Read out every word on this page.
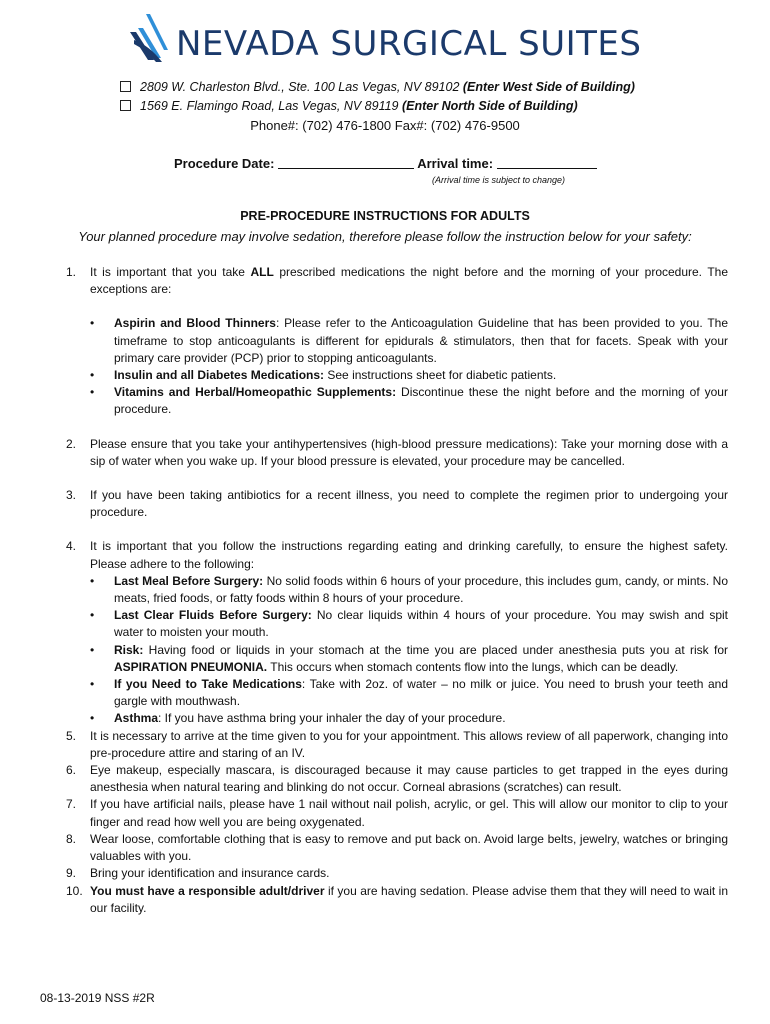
NEVADA SURGICAL SUITES
2809 W. Charleston Blvd., Ste. 100 Las Vegas, NV 89102 (Enter West Side of Building)
1569 E. Flamingo Road, Las Vegas, NV 89119 (Enter North Side of Building)
Phone#: (702) 476-1800 Fax#: (702) 476-9500
Procedure Date:	Arrival time:
(Arrival time is subject to change)
PRE-PROCEDURE INSTRUCTIONS FOR ADULTS
Your planned procedure may involve sedation, therefore please follow the instruction below for your safety:
1. It is important that you take ALL prescribed medications the night before and the morning of your procedure. The exceptions are:
• Aspirin and Blood Thinners: Please refer to the Anticoagulation Guideline that has been provided to you. The timeframe to stop anticoagulants is different for epidurals & stimulators, then that for facets. Speak with your primary care provider (PCP) prior to stopping anticoagulants.
• Insulin and all Diabetes Medications: See instructions sheet for diabetic patients.
• Vitamins and Herbal/Homeopathic Supplements: Discontinue these the night before and the morning of your procedure.
2. Please ensure that you take your antihypertensives (high-blood pressure medications): Take your morning dose with a sip of water when you wake up. If your blood pressure is elevated, your procedure may be cancelled.
3. If you have been taking antibiotics for a recent illness, you need to complete the regimen prior to undergoing your procedure.
4. It is important that you follow the instructions regarding eating and drinking carefully, to ensure the highest safety. Please adhere to the following:
• Last Meal Before Surgery: No solid foods within 6 hours of your procedure, this includes gum, candy, or mints. No meats, fried foods, or fatty foods within 8 hours of your procedure.
• Last Clear Fluids Before Surgery: No clear liquids within 4 hours of your procedure. You may swish and spit water to moisten your mouth.
• Risk: Having food or liquids in your stomach at the time you are placed under anesthesia puts you at risk for ASPIRATION PNEUMONIA. This occurs when stomach contents flow into the lungs, which can be deadly.
• If you Need to Take Medications: Take with 2oz. of water – no milk or juice. You need to brush your teeth and gargle with mouthwash.
• Asthma: If you have asthma bring your inhaler the day of your procedure.
5. It is necessary to arrive at the time given to you for your appointment. This allows review of all paperwork, changing into pre-procedure attire and staring of an IV.
6. Eye makeup, especially mascara, is discouraged because it may cause particles to get trapped in the eyes during anesthesia when natural tearing and blinking do not occur. Corneal abrasions (scratches) can result.
7. If you have artificial nails, please have 1 nail without nail polish, acrylic, or gel. This will allow our monitor to clip to your finger and read how well you are being oxygenated.
8. Wear loose, comfortable clothing that is easy to remove and put back on. Avoid large belts, jewelry, watches or bringing valuables with you.
9. Bring your identification and insurance cards.
10. You must have a responsible adult/driver if you are having sedation. Please advise them that they will need to wait in our facility.
08-13-2019 NSS #2R
